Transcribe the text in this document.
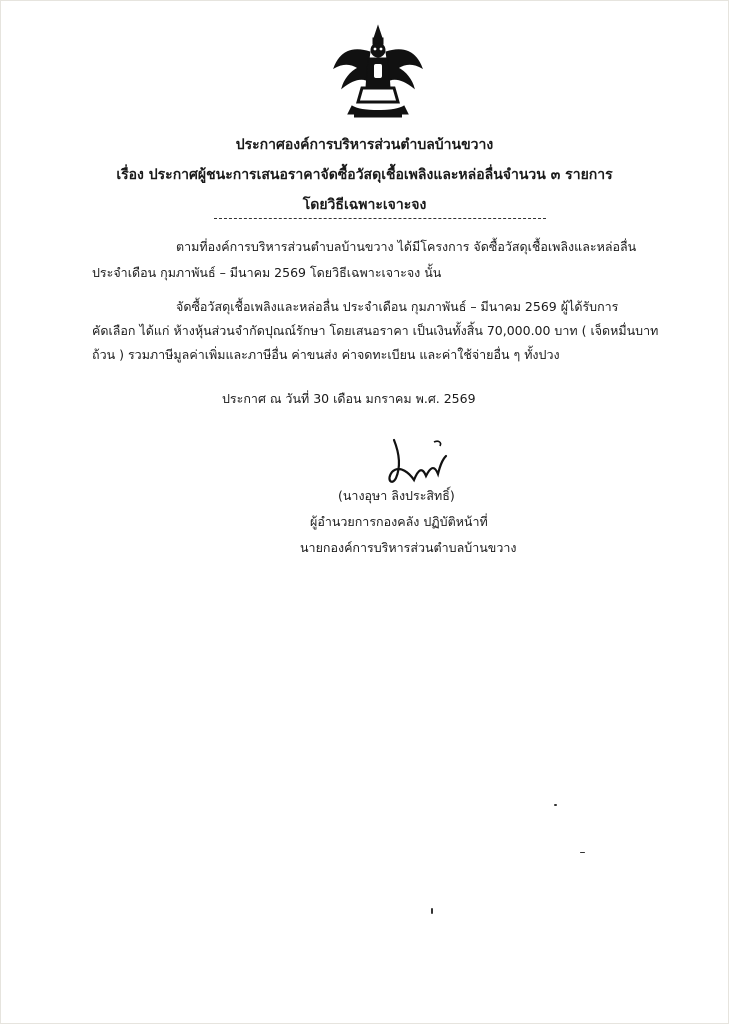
ประกาศองค์การบริหารส่วนตำบลบ้านขวาง
เรื่อง ประกาศผู้ชนะการเสนอราคาจัดซื้อวัสดุเชื้อเพลิงและหล่อลื่นจำนวน ๓ รายการ
โดยวิธีเฉพาะเจาะจง
ตามที่องค์การบริหารส่วนตำบลบ้านขวาง ได้มีโครงการ จัดซื้อวัสดุเชื้อเพลิงและหล่อลื่น
ประจำเดือน กุมภาพันธ์ – มีนาคม 2569 โดยวิธีเฉพาะเจาะจง นั้น
จัดซื้อวัสดุเชื้อเพลิงและหล่อลื่น ประจำเดือน กุมภาพันธ์ – มีนาคม 2569 ผู้ได้รับการ
คัดเลือก ได้แก่ ห้างหุ้นส่วนจำกัดปุณณ์รักษา โดยเสนอราคา เป็นเงินทั้งสิ้น 70,000.00 บาท ( เจ็ดหมื่นบาท
ถ้วน ) รวมภาษีมูลค่าเพิ่มและภาษีอื่น ค่าขนส่ง ค่าจดทะเบียน และค่าใช้จ่ายอื่น ๆ ทั้งปวง
ประกาศ ณ วันที่ 30 เดือน มกราคม พ.ศ. 2569
(นางอุษา ลิงประสิทธิ์)
ผู้อำนวยการกองคลัง ปฏิบัติหน้าที่
นายกองค์การบริหารส่วนตำบลบ้านขวาง
